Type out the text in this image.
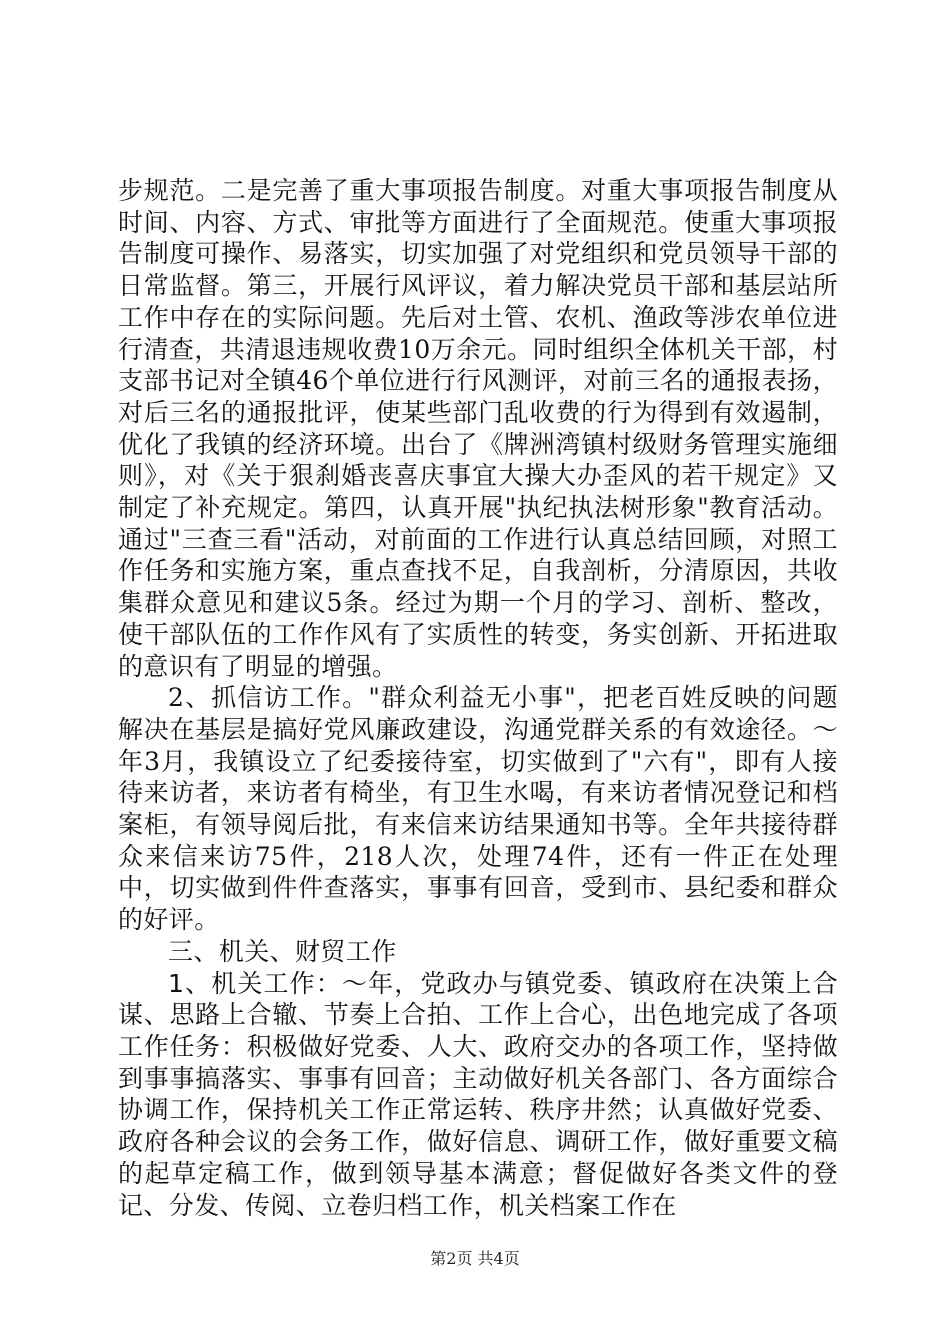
步规范。二是完善了重大事项报告制度。对重大事项报告制度从时间、内容、方式、审批等方面进行了全面规范。使重大事项报告制度可操作、易落实，切实加强了对党组织和党员领导干部的日常监督。第三，开展行风评议，着力解决党员干部和基层站所工作中存在的实际问题。先后对土管、农机、渔政等涉农单位进行清查，共清退违规收费10万余元。同时组织全体机关干部，村支部书记对全镇46个单位进行行风测评，对前三名的通报表扬，对后三名的通报批评，使某些部门乱收费的行为得到有效遏制，优化了我镇的经济环境。出台了《牌洲湾镇村级财务管理实施细则》，对《关于狠刹婚丧喜庆事宜大操大办歪风的若干规定》又制定了补充规定。第四，认真开展"执纪执法树形象"教育活动。通过"三查三看"活动，对前面的工作进行认真总结回顾，对照工作任务和实施方案，重点查找不足，自我剖析，分清原因，共收集群众意见和建议5条。经过为期一个月的学习、剖析、整改，使干部队伍的工作作风有了实质性的转变，务实创新、开拓进取的意识有了明显的增强。

2、抓信访工作。"群众利益无小事"，把老百姓反映的问题解决在基层是搞好党风廉政建设，沟通党群关系的有效途径。～年3月，我镇设立了纪委接待室，切实做到了"六有"，即有人接待来访者，来访者有椅坐，有卫生水喝，有来访者情况登记和档案柜，有领导阅后批，有来信来访结果通知书等。全年共接待群众来信来访75件，218人次，处理74件，还有一件正在处理中，切实做到件件查落实，事事有回音，受到市、县纪委和群众的好评。

三、机关、财贸工作

1、机关工作：～年，党政办与镇党委、镇政府在决策上合谋、思路上合辙、节奏上合拍、工作上合心，出色地完成了各项工作任务：积极做好党委、人大、政府交办的各项工作，坚持做到事事搞落实、事事有回音；主动做好机关各部门、各方面综合协调工作，保持机关工作正常运转、秩序井然；认真做好党委、政府各种会议的会务工作，做好信息、调研工作，做好重要文稿的起草定稿工作，做到领导基本满意；督促做好各类文件的登记、分发、传阅、立卷归档工作，机关档案工作在

第2页 共4页
